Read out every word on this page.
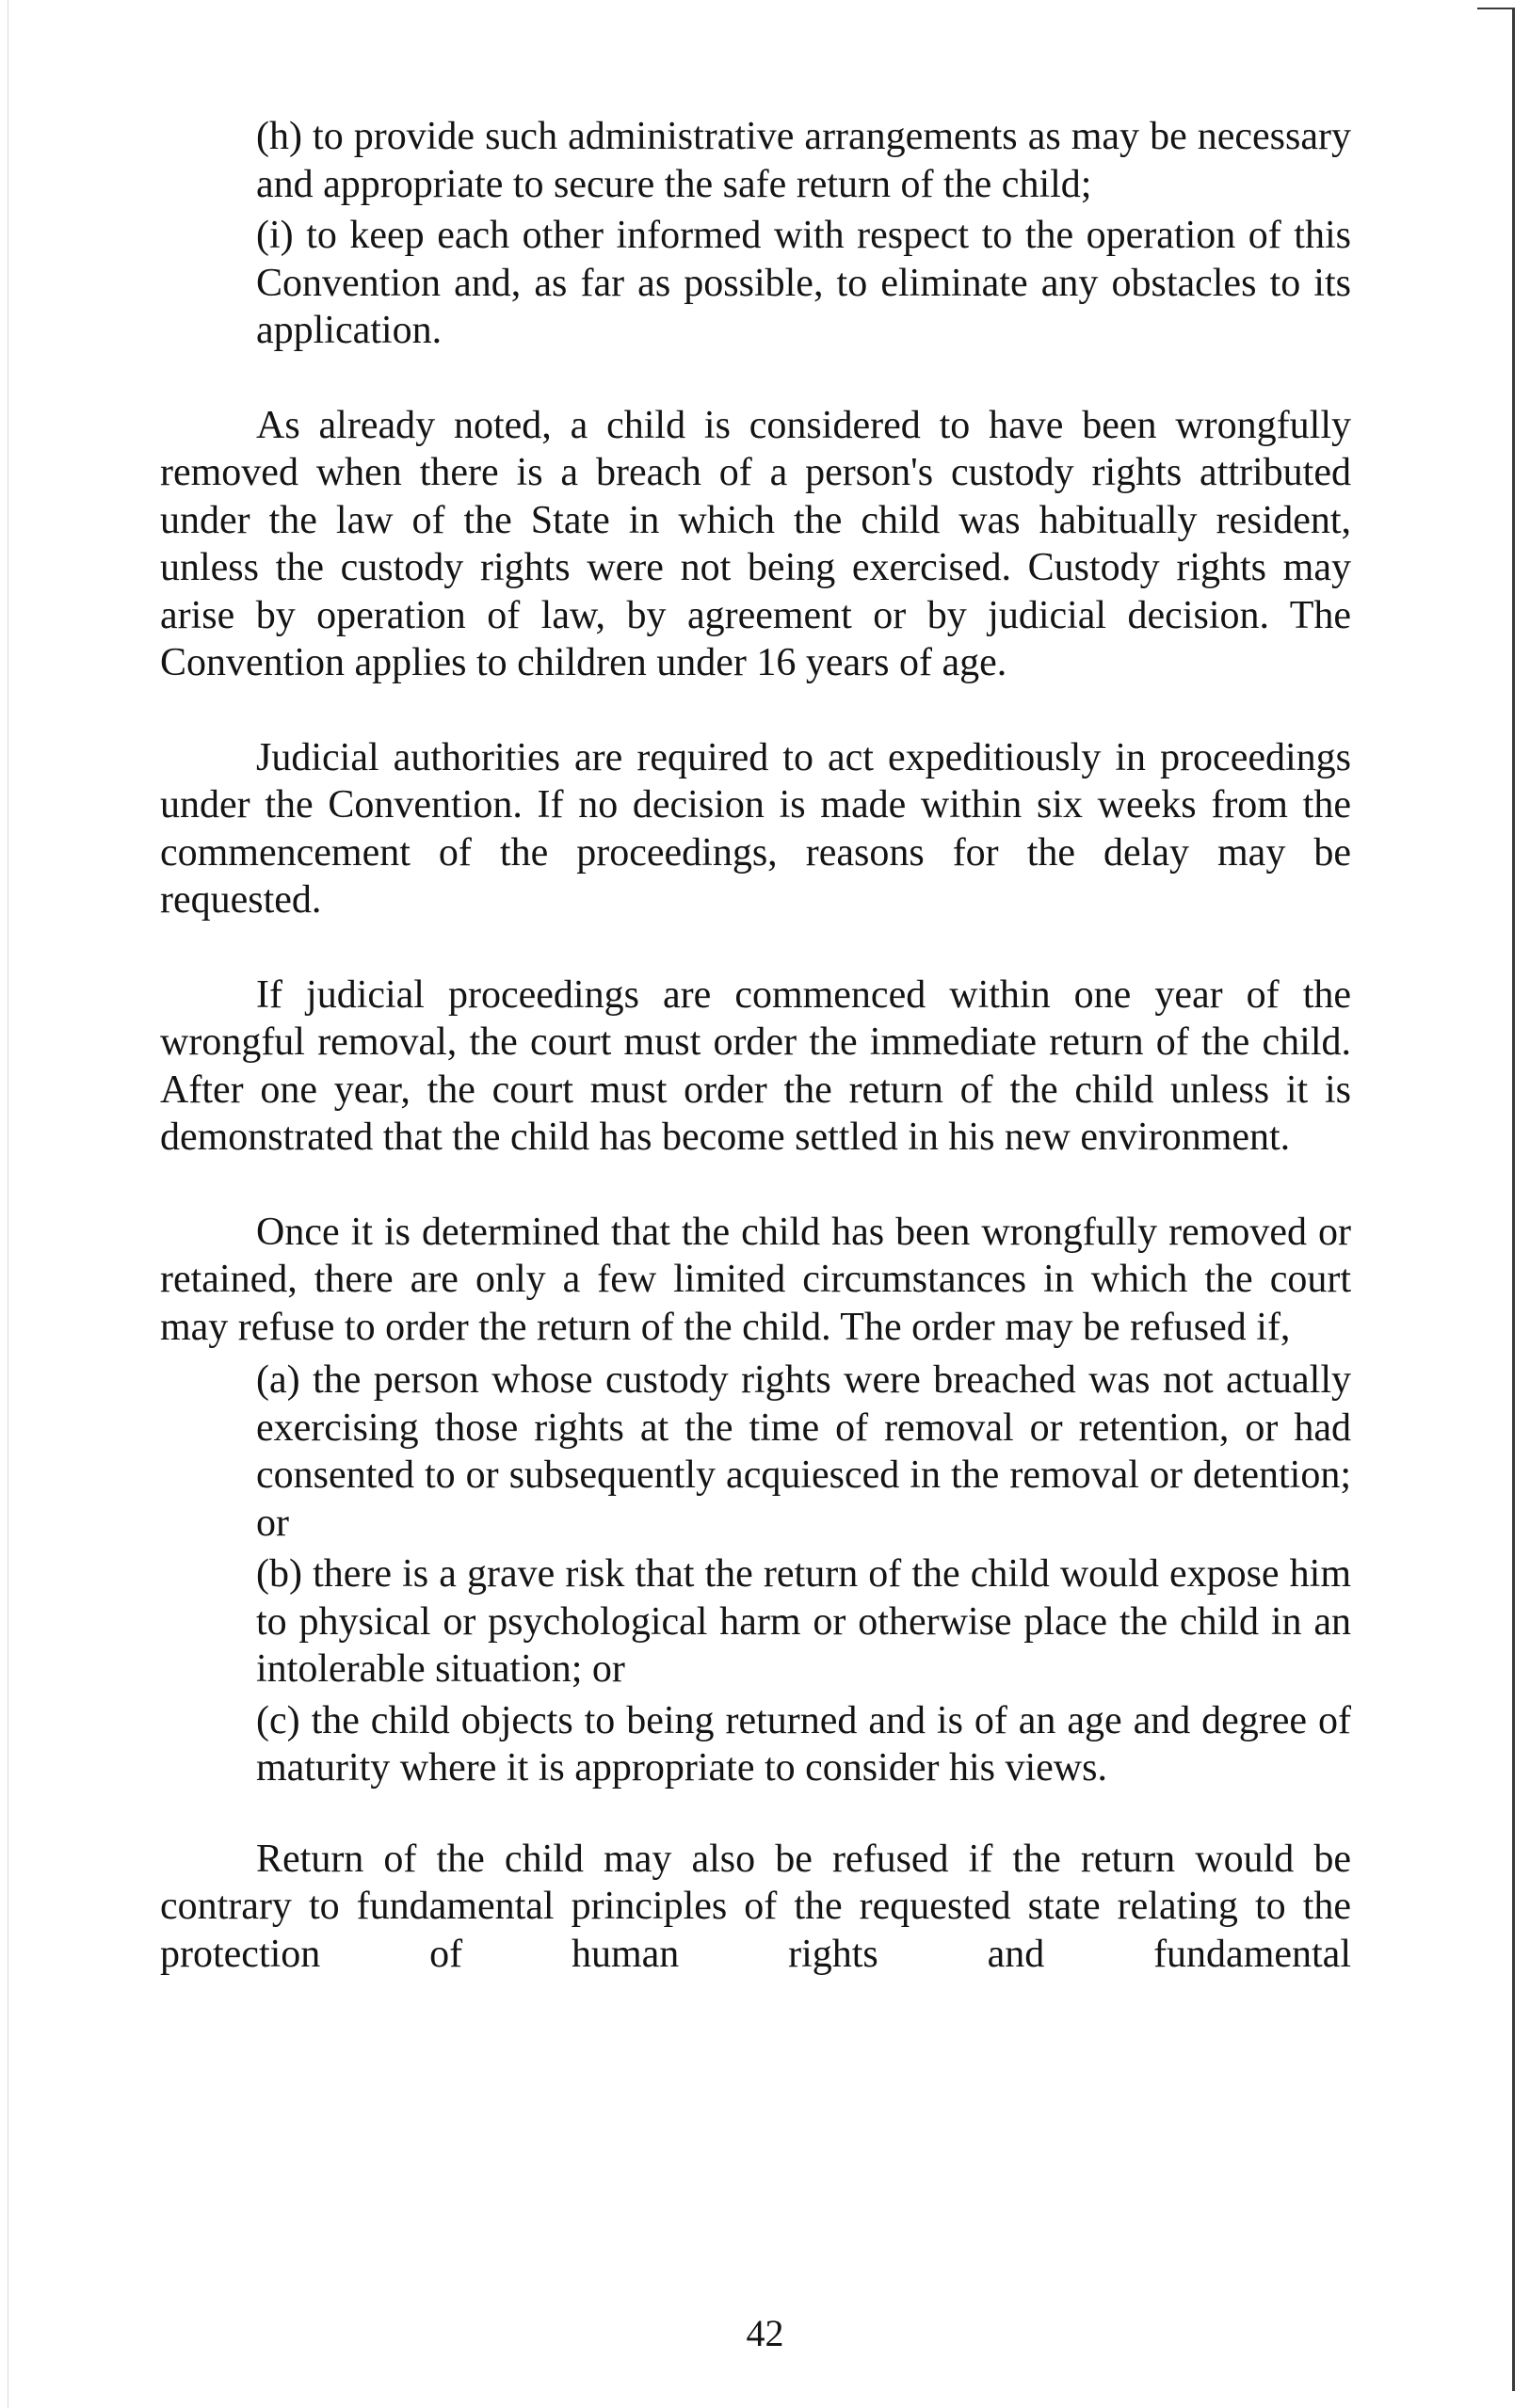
(h) to provide such administrative arrangements as may be necessary and appropriate to secure the safe return of the child;

(i) to keep each other informed with respect to the operation of this Convention and, as far as possible, to eliminate any obstacles to its application.

As already noted, a child is considered to have been wrongfully removed when there is a breach of a person's custody rights attributed under the law of the State in which the child was habitually resident, unless the custody rights were not being exercised. Custody rights may arise by operation of law, by agreement or by judicial decision. The Convention applies to children under 16 years of age.

Judicial authorities are required to act expeditiously in proceedings under the Convention. If no decision is made within six weeks from the commencement of the proceedings, reasons for the delay may be requested.

If judicial proceedings are commenced within one year of the wrongful removal, the court must order the immediate return of the child. After one year, the court must order the return of the child unless it is demonstrated that the child has become settled in his new environment.

Once it is determined that the child has been wrongfully removed or retained, there are only a few limited circumstances in which the court may refuse to order the return of the child. The order may be refused if,

(a) the person whose custody rights were breached was not actually exercising those rights at the time of removal or retention, or had consented to or subsequently acquiesced in the removal or detention; or

(b) there is a grave risk that the return of the child would expose him to physical or psychological harm or otherwise place the child in an intolerable situation; or

(c) the child objects to being returned and is of an age and degree of maturity where it is appropriate to consider his views.

Return of the child may also be refused if the return would be contrary to fundamental principles of the requested state relating to the protection of human rights and fundamental

42
